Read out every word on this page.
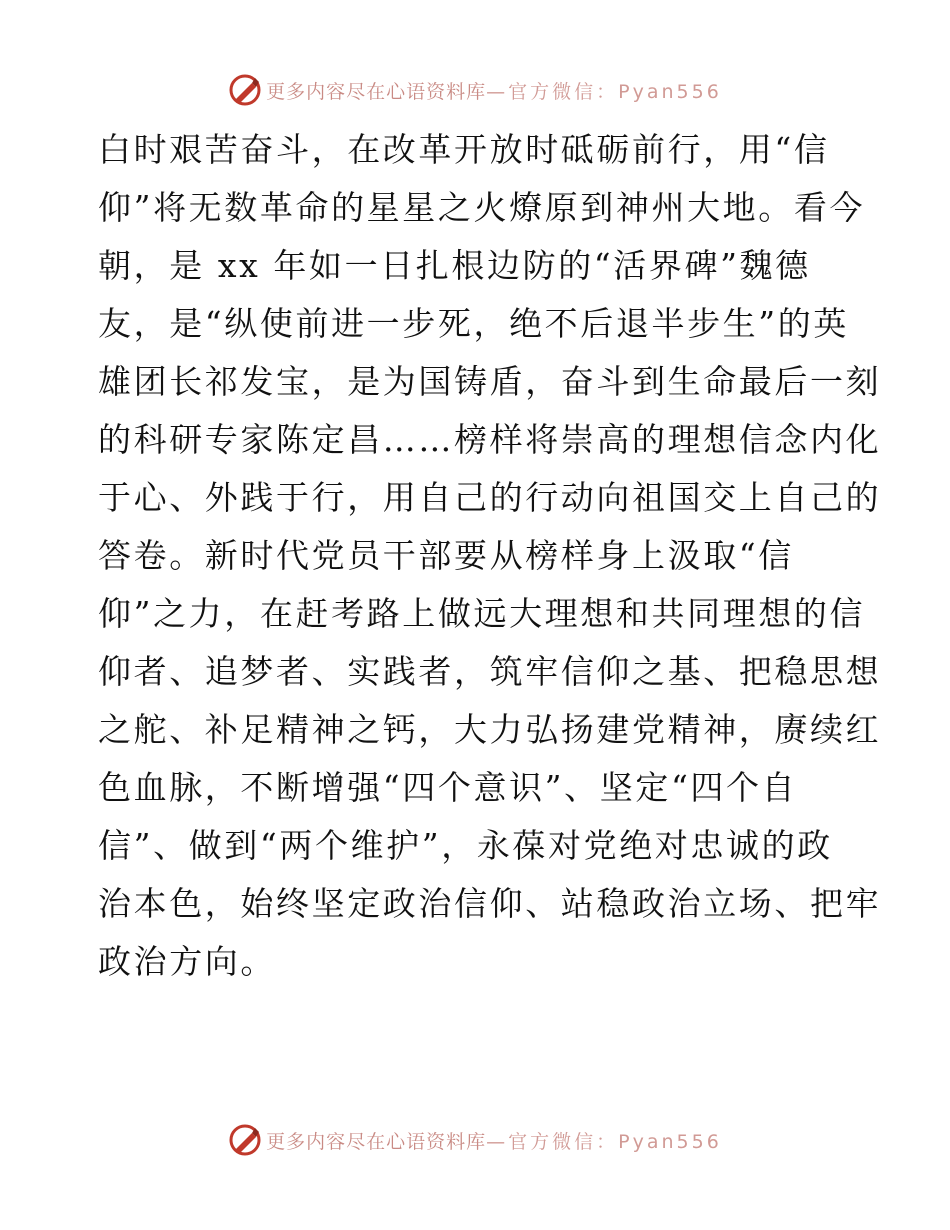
更多内容尽在心语资料库—官方微信：Pyan556
白时艰苦奋斗，在改革开放时砥砺前行，用“信
仰”将无数革命的星星之火燎原到神州大地。看今
朝，是 xx 年如一日扎根边防的“活界碑”魏德
友，是“纵使前进一步死，绝不后退半步生”的英
雄团长祁发宝，是为国铸盾，奋斗到生命最后一刻
的科研专家陈定昌……榜样将崇高的理想信念内化
于心、外践于行，用自己的行动向祖国交上自己的
答卷。新时代党员干部要从榜样身上汲取“信
仰”之力，在赶考路上做远大理想和共同理想的信
仰者、追梦者、实践者，筑牢信仰之基、把稳思想
之舵、补足精神之钙，大力弘扬建党精神，赓续红
色血脉，不断增强“四个意识”、坚定“四个自
信”、做到“两个维护”，永葆对党绝对忠诚的政
治本色，始终坚定政治信仰、站稳政治立场、把牢
政治方向。
更多内容尽在心语资料库—官方微信：Pyan556
